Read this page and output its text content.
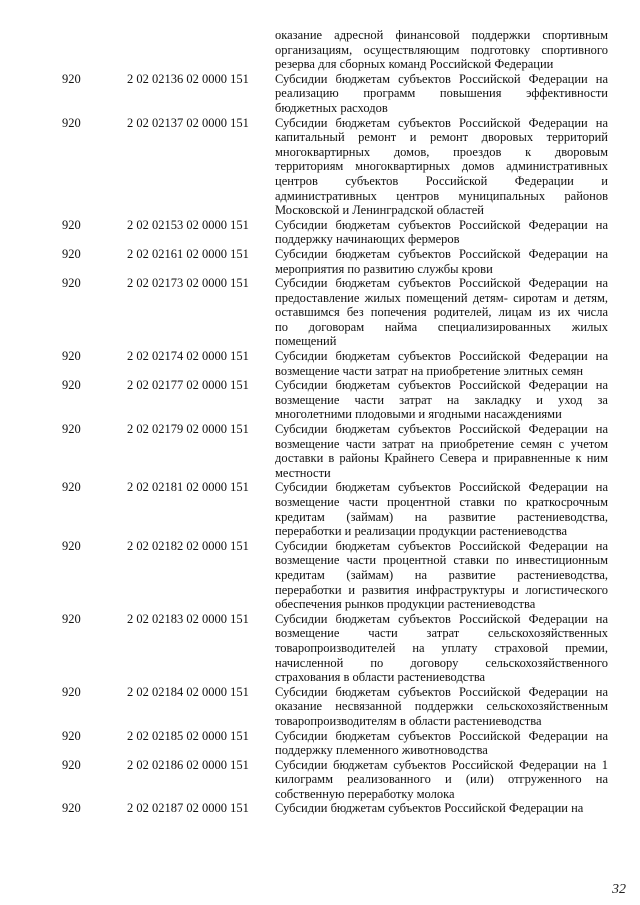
оказание адресной финансовой поддержки спортивным
организациям, осуществляющим подготовку спортивного
резерва для сборных команд Российской Федерации
920	2 02 02136 02 0000 151	Субсидии бюджетам субъектов Российской Федерации на
реализацию программ повышения эффективности
бюджетных расходов
920	2 02 02137 02 0000 151	Субсидии бюджетам субъектов Российской Федерации на
капитальный ремонт и ремонт дворовых территорий
многоквартирных домов, проездов к дворовым
территориям многоквартирных домов административных
центров субъектов Российской Федерации и
административных центров муниципальных районов
Московской и Ленинградской областей
920	2 02 02153 02 0000 151	Субсидии бюджетам субъектов Российской Федерации на
поддержку начинающих фермеров
920	2 02 02161 02 0000 151	Субсидии бюджетам субъектов Российской Федерации на
мероприятия по развитию службы крови
920	2 02 02173 02 0000 151	Субсидии бюджетам субъектов Российской Федерации на
предоставление жилых помещений детям- сиротам и детям,
оставшимся без попечения родителей, лицам из их числа
по договорам найма специализированных жилых
помещений
920	2 02 02174 02 0000 151	Субсидии бюджетам субъектов Российской Федерации на
возмещение части затрат на приобретение элитных семян
920	2 02 02177 02 0000 151	Субсидии бюджетам субъектов Российской Федерации на
возмещение части затрат на закладку и уход за
многолетними плодовыми и ягодными насаждениями
920	2 02 02179 02 0000 151	Субсидии бюджетам субъектов Российской Федерации на
возмещение части затрат на приобретение семян с учетом
доставки в районы Крайнего Севера и приравненные к ним
местности
920	2 02 02181 02 0000 151	Субсидии бюджетам субъектов Российской Федерации на
возмещение части процентной ставки по краткосрочным
кредитам (займам) на развитие растениеводства,
переработки и реализации продукции растениеводства
920	2 02 02182 02 0000 151	Субсидии бюджетам субъектов Российской Федерации на
возмещение части процентной ставки по инвестиционным
кредитам (займам) на развитие растениеводства,
переработки и развития инфраструктуры и логистического
обеспечения рынков продукции растениеводства
920	2 02 02183 02 0000 151	Субсидии бюджетам субъектов Российской Федерации на
возмещение части затрат сельскохозяйственных
товаропроизводителей на уплату страховой премии,
начисленной по договору сельскохозяйственного
страхования в области растениеводства
920	2 02 02184 02 0000 151	Субсидии бюджетам субъектов Российской Федерации на
оказание несвязанной поддержки сельскохозяйственным
товаропроизводителям в области растениеводства
920	2 02 02185 02 0000 151	Субсидии бюджетам субъектов Российской Федерации на
поддержку племенного животноводства
920	2 02 02186 02 0000 151	Субсидии бюджетам субъектов Российской Федерации на 1
килограмм реализованного и (или) отгруженного на
собственную переработку молока
920	2 02 02187 02 0000 151	Субсидии бюджетам субъектов Российской Федерации на
32
